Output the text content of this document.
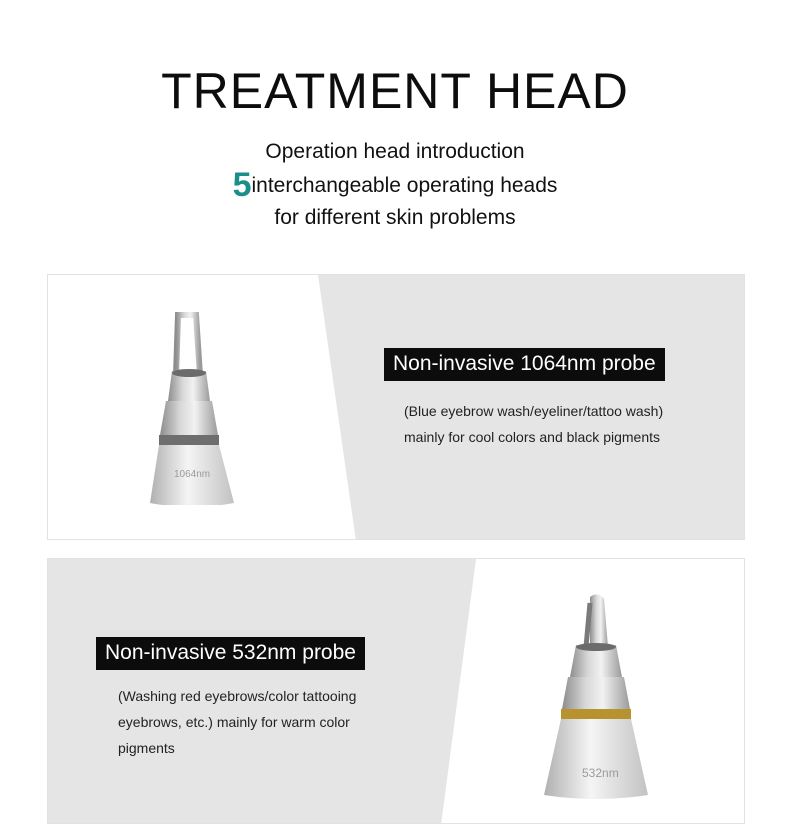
TREATMENT HEAD
Operation head introduction
5interchangeable operating heads
for different skin problems
1064nm
Non-invasive 1064nm probe
(Blue eyebrow wash/eyeliner/tattoo wash)
mainly for cool colors and black pigments
Non-invasive 532nm probe
(Washing red eyebrows/color tattooing
eyebrows, etc.) mainly for warm color
pigments
532nm
